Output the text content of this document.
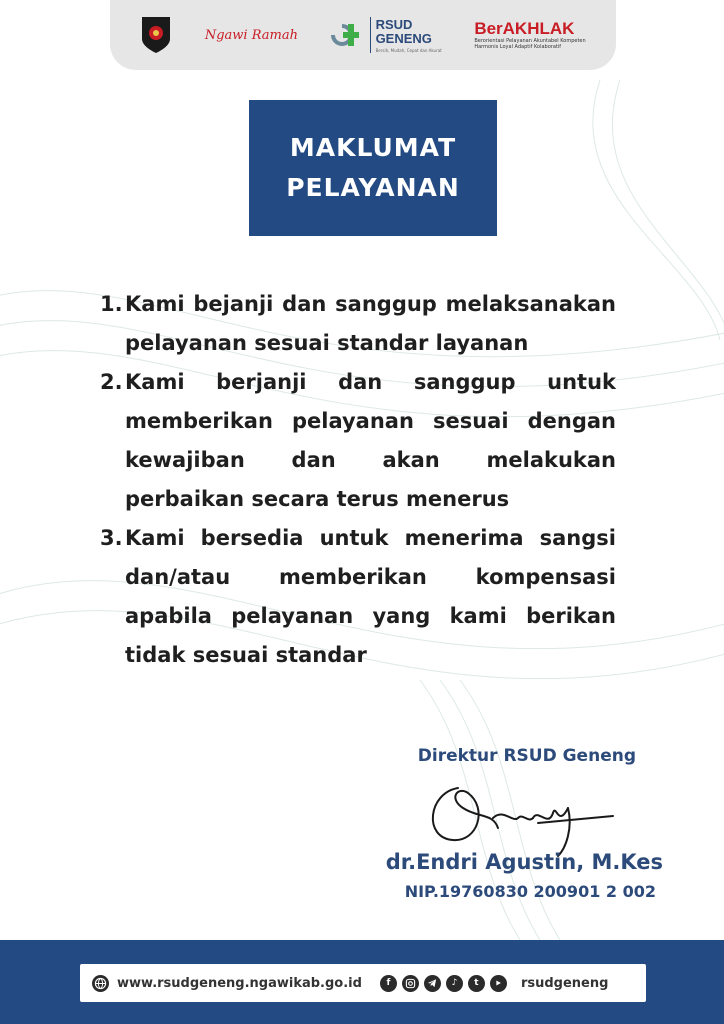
Ngawi Ramah
RSUD
GENENG
Bersih, Mudah, Cepat dan Akurat
BerAKHLAK
Berorientasi Pelayanan Akuntabel Kompeten
Harmonis Loyal Adaptif Kolaboratif
MAKLUMAT
PELAYANAN
1. Kami bejanji dan sanggup melaksanakan pelayanan sesuai standar layanan
2. Kami berjanji dan sanggup untuk memberikan pelayanan sesuai dengan kewajiban dan akan melakukan perbaikan secara terus menerus
3. Kami bersedia untuk menerima sangsi dan/atau memberikan kompensasi apabila pelayanan yang kami berikan tidak sesuai standar
Direktur RSUD Geneng
dr.Endri Agustin, M.Kes
NIP.19760830 200901 2 002
www.rsudgeneng.ngawikab.go.id	f	♪	t	rsudgeneng
